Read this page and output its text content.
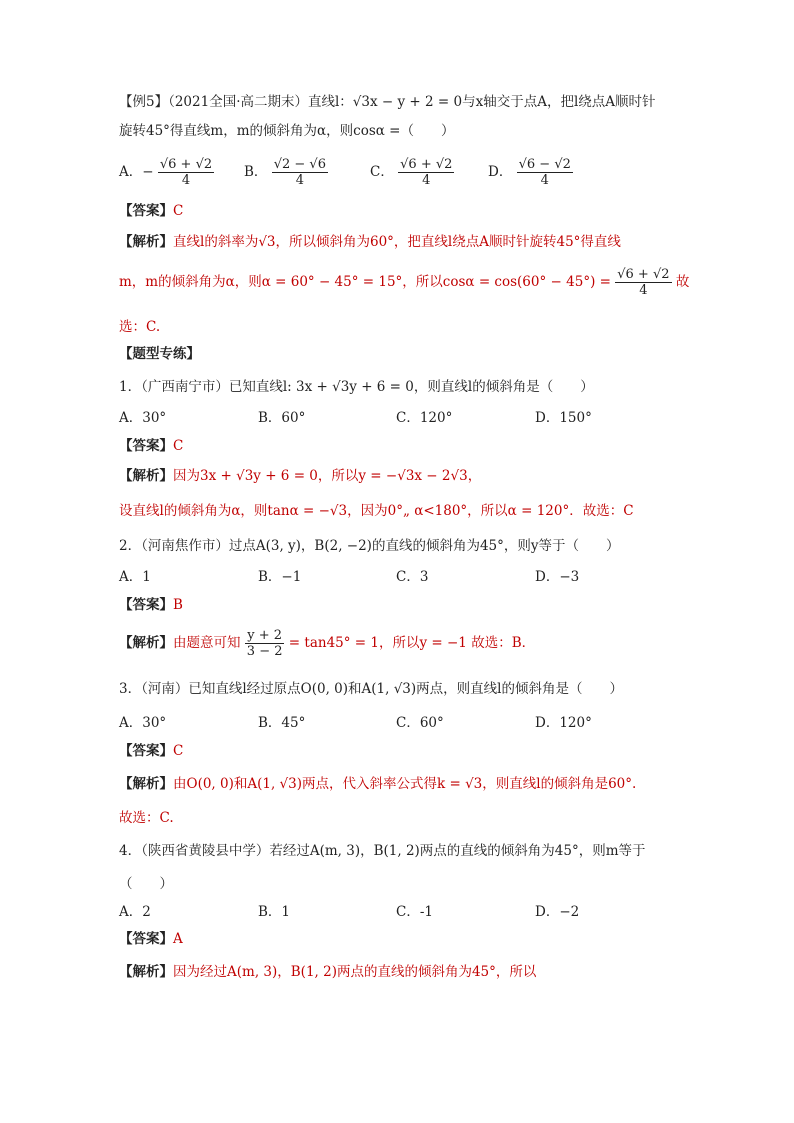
【例5】（2021全国·高二期末）直线l：√3x − y + 2 = 0与x轴交于点A，把l绕点A顺时针
旋转45°得直线m，m的倾斜角为α，则cosα =（　　）
A．− $\frac{√6 + √2}{4}$ B． $\frac{√2 - √6}{4}$	C． $\frac{√6 + √2}{4}$ D． $\frac{√6 - √2}{4}$
【答案】C
【解析】直线l的斜率为√3，所以倾斜角为60°，把直线l绕点A顺时针旋转45°得直线
m，m的倾斜角为α，则α = 60° − 45° = 15°，所以$\cos\alpha = \cos(60^\circ - 45^\circ) = \frac{√6 + √2}{4}$ 故
选：C.
【题型专练】
1．（广西南宁市）已知直线l: 3x + √3y + 6 = 0，则直线l的倾斜角是（　　）
A．30°	B．60°	C．120°	D．150°
【答案】C
【解析】因为3x + √3y + 6 = 0，所以y = −√3x − 2√3，
设直线l的倾斜角为α，则tanα = −√3，因为0°„ α<180°，所以α = 120°．故选：C
2．（河南焦作市）过点A(3, y)，B(2, −2)的直线的倾斜角为45°，则y等于（　　）
A．1	B．−1	C．3	D．−3
【答案】B
【解析】由题意可知 $\frac{y + 2}{3 - 2} = \tan 45^\circ = 1$，所以y = −1 故选：B．
3．（河南）已知直线l经过原点O(0, 0)和A(1, √3)两点，则直线l的倾斜角是（　　）
A．30°	B．45°	C．60°	D．120°
【答案】C
【解析】由O(0, 0)和A(1, √3)两点，代入斜率公式得k = √3，则直线l的倾斜角是60°.
故选：C.
4．（陕西省黄陵县中学）若经过A(m, 3)，B(1, 2)两点的直线的倾斜角为45°，则m等于
（　　）
A．2	B．1	C．-1	D．−2
【答案】A
【解析】因为经过A(m, 3)，B(1, 2)两点的直线的倾斜角为45°，所以
